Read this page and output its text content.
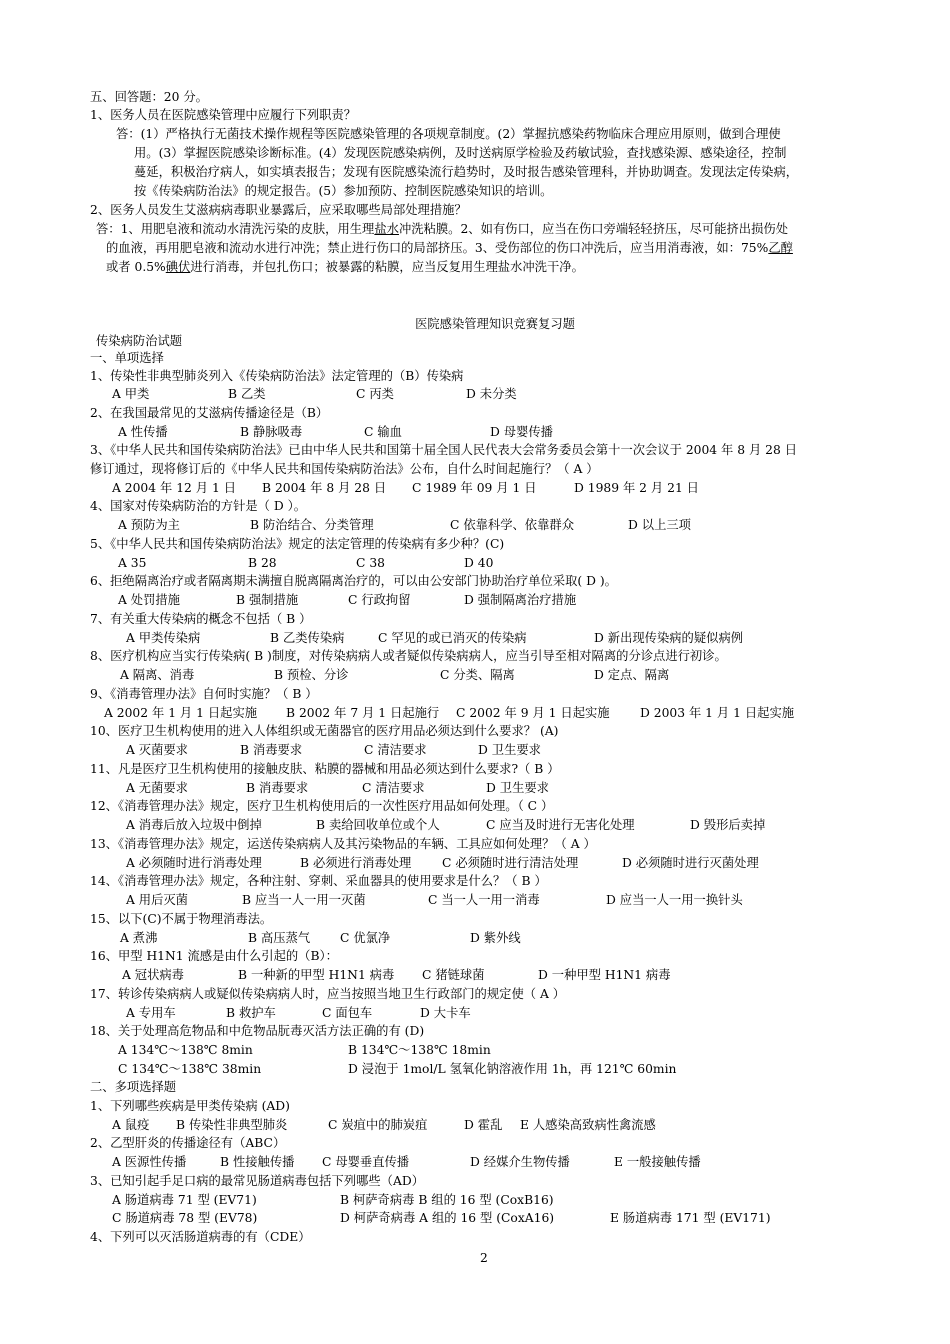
五、回答题：20 分。
1、医务人员在医院感染管理中应履行下列职责？
答：(1）严格执行无菌技术操作规程等医院感染管理的各项规章制度。(2）掌握抗感染药物临床合理应用原则，做到合理使
用。(3）掌握医院感染诊断标准。(4）发现医院感染病例，及时送病原学检验及药敏试验，查找感染源、感染途径，控制
蔓延，积极治疗病人，如实填表报告；发现有医院感染流行趋势时，及时报告感染管理科，并协助调查。发现法定传染病，
按《传染病防治法》的规定报告。(5）参加预防、控制医院感染知识的培训。
2、医务人员发生艾滋病病毒职业暴露后，应采取哪些局部处理措施？
答：1、用肥皂液和流动水清洗污染的皮肤，用生理盐水冲洗粘膜。2、如有伤口，应当在伤口旁端轻轻挤压，尽可能挤出损伤处
的血液，再用肥皂液和流动水进行冲洗；禁止进行伤口的局部挤压。3、受伤部位的伤口冲洗后，应当用消毒液，如：75%乙醇
或者 0.5%碘伏进行消毒，并包扎伤口；被暴露的粘膜，应当反复用生理盐水冲洗干净。
医院感染管理知识竞赛复习题
传染病防治试题
一、单项选择
1、传染性非典型肺炎列入《传染病防治法》法定管理的（B）传染病
A 甲类	B 乙类	C 丙类	D 未分类
2、在我国最常见的艾滋病传播途径是（B）
A 性传播	B 静脉吸毒	C 输血	D 母婴传播
3、《中华人民共和国传染病防治法》已由中华人民共和国第十届全国人民代表大会常务委员会第十一次会议于 2004 年 8 月 28 日
修订通过，现将修订后的《中华人民共和国传染病防治法》公布，自什么时间起施行？（ A ）
A 2004 年 12 月 1 日 B 2004 年 8 月 28 日 C 1989 年 09 月 1 日	D 1989 年 2 月 21 日
4、国家对传染病防治的方针是（ D ）。
A 预防为主	B 防治结合、分类管理	C 依靠科学、依靠群众	D 以上三项
5、《中华人民共和国传染病防治法》规定的法定管理的传染病有多少种？(C)
A 35	B 28	C 38	D 40
6、拒绝隔离治疗或者隔离期未满擅自脱离隔离治疗的，可以由公安部门协助治疗单位采取( D )。
A 处罚措施	B 强制措施	C 行政拘留	D 强制隔离治疗措施
7、有关重大传染病的概念不包括（ B ）
A 甲类传染病	B 乙类传染病	C 罕见的或已消灭的传染病	D 新出现传染病的疑似病例
8、医疗机构应当实行传染病( B )制度，对传染病病人或者疑似传染病病人，应当引导至相对隔离的分诊点进行初诊。
A 隔离、消毒	B 预检、分诊	C 分类、隔离	D 定点、隔离
9、《消毒管理办法》自何时实施？（ B ）
A 2002 年 1 月 1 日起实施 B 2002 年 7 月 1 日起施行 C 2002 年 9 月 1 日起实施 D 2003 年 1 月 1 日起实施
10、医疗卫生机构使用的进入人体组织或无菌器官的医疗用品必须达到什么要求？ (A)
A 灭菌要求	B 消毒要求	C 清洁要求	D 卫生要求
11、凡是医疗卫生机构使用的接触皮肤、粘膜的器械和用品必须达到什么要求?（ B ）
A 无菌要求	B 消毒要求	C 清洁要求	D 卫生要求
12、《消毒管理办法》规定，医疗卫生机构使用后的一次性医疗用品如何处理。（ C ）
A 消毒后放入垃圾中倒掉	B 卖给回收单位或个人	C 应当及时进行无害化处理	D 毁形后卖掉
13、《消毒管理办法》规定，运送传染病病人及其污染物品的车辆、工具应如何处理？（ A ）
A 必须随时进行消毒处理	B 必须进行消毒处理 C 必须随时进行清洁处理	D 必须随时进行灭菌处理
14、《消毒管理办法》规定，各种注射、穿刺、采血器具的使用要求是什么？（ B ）
A 用后灭菌	B 应当一人一用一灭菌	C 当一人一用一消毒	D 应当一人一用一换针头
15、以下(C)不属于物理消毒法。
A 煮沸	B 高压蒸气 C 优氯净	D 紫外线
16、甲型 H1N1 流感是由什么引起的（B）：
A 冠状病毒	B 一种新的甲型 H1N1 病毒 C 猪链球菌	D 一种甲型 H1N1 病毒
17、转诊传染病病人或疑似传染病病人时，应当按照当地卫生行政部门的规定使（ A ）
A 专用车	B 救护车	C 面包车	D 大卡车
18、关于处理高危物品和中危物品朊毒灭活方法正确的有 (D)
A 134℃～138℃ 8min	B 134℃～138℃ 18min
C 134℃～138℃ 38min	D 浸泡于 1mol/L 氢氧化钠溶液作用 1h，再 121℃ 60min
二、多项选择题
1、下列哪些疾病是甲类传染病 (AD)
A 鼠疫 B 传染性非典型肺炎	C 炭疽中的肺炭疽	D 霍乱 E 人感染高致病性禽流感
2、乙型肝炎的传播途径有（ABC）
A 医源性传播	B 性接触传播 C 母婴垂直传播	D 经媒介生物传播	E 一般接触传播
3、已知引起手足口病的最常见肠道病毒包括下列哪些（AD）
A 肠道病毒 71 型 (EV71)	B 柯萨奇病毒 B 组的 16 型 (CoxB16)
C 肠道病毒 78 型 (EV78)	D 柯萨奇病毒 A 组的 16 型 (CoxA16)	E 肠道病毒 171 型 (EV171)
4、下列可以灭活肠道病毒的有（CDE）
2
